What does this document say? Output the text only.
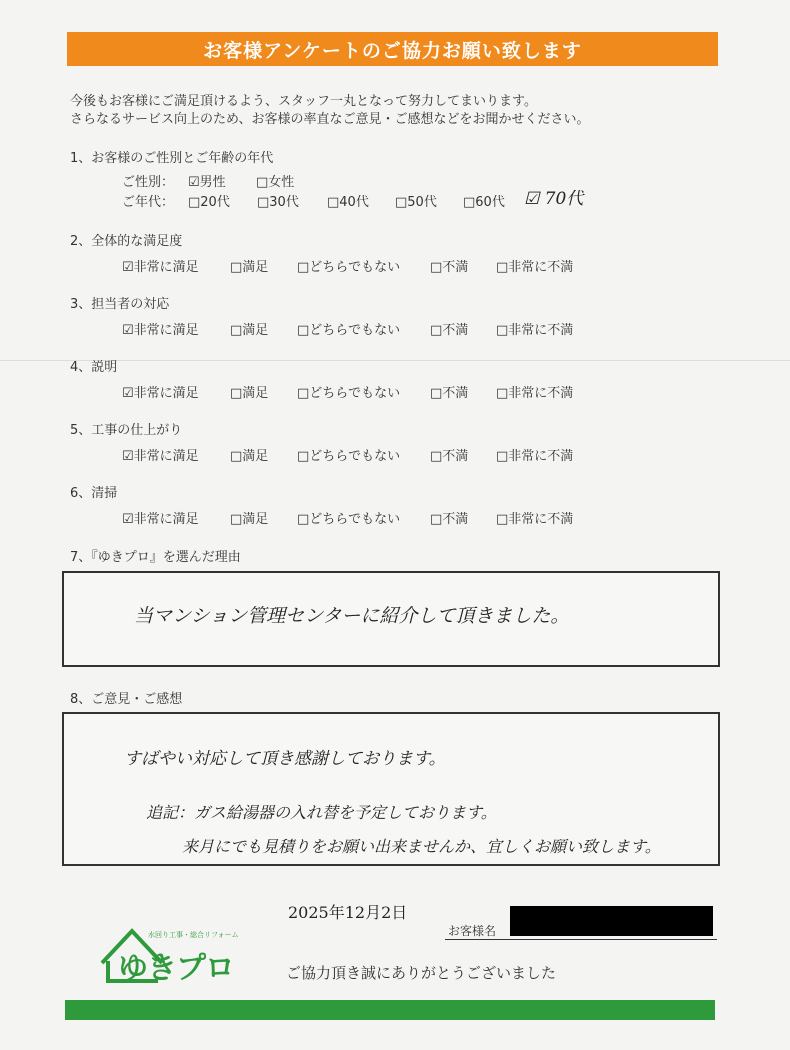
お客様アンケートのご協力お願い致します
今後もお客様にご満足頂けるよう、スタッフ一丸となって努力してまいります。
さらなるサービス向上のため、お客様の率直なご意見・ご感想などをお聞かせください。
1、お客様のご性別とご年齢の年代
ご性別： ☑男性 □女性
ご年代： □20代 □30代 □40代 □50代 □60代 ☑ 70代
2、全体的な満足度
☑非常に満足 □満足 □どちらでもない □不満 □非常に不満
3、担当者の対応
☑非常に満足 □満足 □どちらでもない □不満 □非常に不満
4、説明
☑非常に満足 □満足 □どちらでもない □不満 □非常に不満
5、工事の仕上がり
☑非常に満足 □満足 □どちらでもない □不満 □非常に不満
6、清掃
☑非常に満足 □満足 □どちらでもない □不満 □非常に不満
7、『ゆきプロ』を選んだ理由
当マンション管理センターに紹介して頂きました。
8、ご意見・ご感想
すばやい対応して頂き感謝しております。
追記：ガス給湯器の入れ替を予定しております。
来月にでも見積りをお願い出来ませんか、宜しくお願い致します。
2025年12月2日
お客様名
水回り工事・総合リフォーム
ゆきプロ	ご協力頂き誠にありがとうございました
